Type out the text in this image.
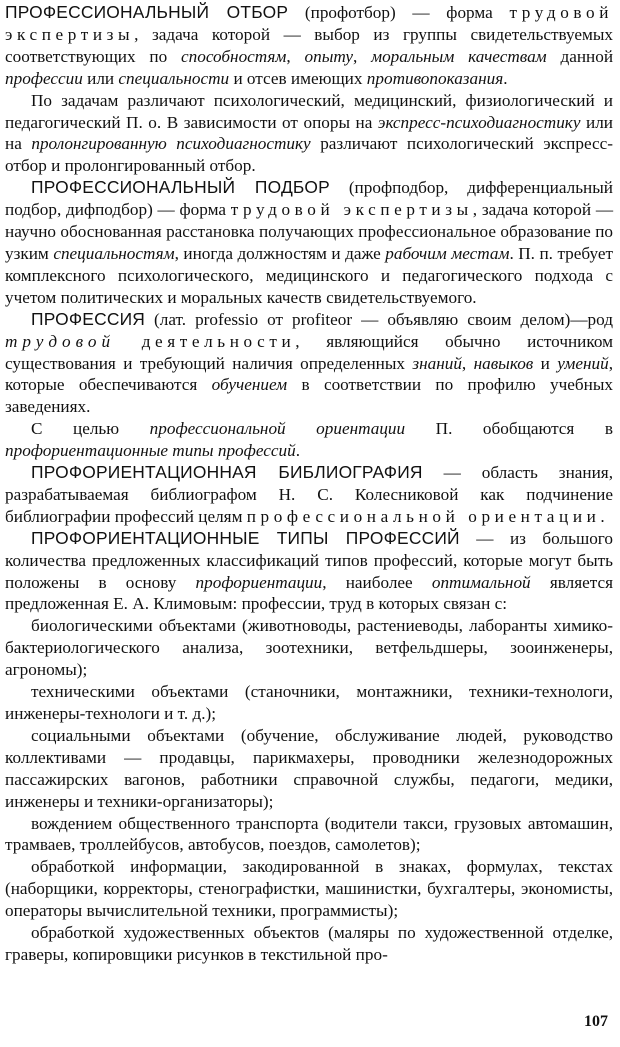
ПРОФЕССИОНАЛЬНЫЙ ОТБОР (профотбор) — форма трудовой экспертизы, задача которой — выбор из группы свидетельствуемых соответствующих по способностям, опыту, моральным качествам данной профессии или специальности и отсев имеющих противопоказания.

По задачам различают психологический, медицинский, физиологический и педагогический П. о. В зависимости от опоры на экспресс-психодиагностику или на пролонгированную психодиагностику различают психологический экспресс-отбор и пролонгированный отбор.

ПРОФЕССИОНАЛЬНЫЙ ПОДБОР (профподбор, дифференциальный подбор, дифподбор) — форма трудовой экспертизы, задача которой — научно обоснованная расстановка получающих профессиональное образование по узким специальностям, иногда должностям и даже рабочим местам. П. п. требует комплексного психологического, медицинского и педагогического подхода с учетом политических и моральных качеств свидетельствуемого.

ПРОФЕССИЯ (лат. professio от profiteor — объявляю своим делом)—род трудовой деятельности, являющийся обычно источником существования и требующий наличия определенных знаний, навыков и умений, которые обеспечиваются обучением в соответствии по профилю учебных заведениях.

С целью профессиональной ориентации П. обобщаются в профориентационные типы профессий.

ПРОФОРИЕНТАЦИОННАЯ БИБЛИОГРАФИЯ — область знания, разрабатываемая библиографом Н. С. Колесниковой как подчинение библиографии профессий целям профессиональной ориентации.

ПРОФОРИЕНТАЦИОННЫЕ ТИПЫ ПРОФЕССИЙ — из большого количества предложенных классификаций типов профессий, которые могут быть положены в основу профориентации, наиболее оптимальной является предложенная Е. А. Климовым: профессии, труд в которых связан с:

биологическими объектами (животноводы, растениеводы, лаборанты химико-бактериологического анализа, зоотехники, ветфельдшеры, зооинженеры, агрономы);

техническими объектами (станочники, монтажники, техники-технологи, инженеры-технологи и т. д.);

социальными объектами (обучение, обслуживание людей, руководство коллективами — продавцы, парикмахеры, проводники железнодорожных пассажирских вагонов, работники справочной службы, педагоги, медики, инженеры и техники-организаторы);

вождением общественного транспорта (водители такси, грузовых автомашин, трамваев, троллейбусов, автобусов, поездов, самолетов);

обработкой информации, закодированной в знаках, формулах, текстах (наборщики, корректоры, стенографистки, машинистки, бухгалтеры, экономисты, операторы вычислительной техники, программисты);

обработкой художественных объектов (маляры по художественной отделке, граверы, копировщики рисунков в текстильной про-

107
